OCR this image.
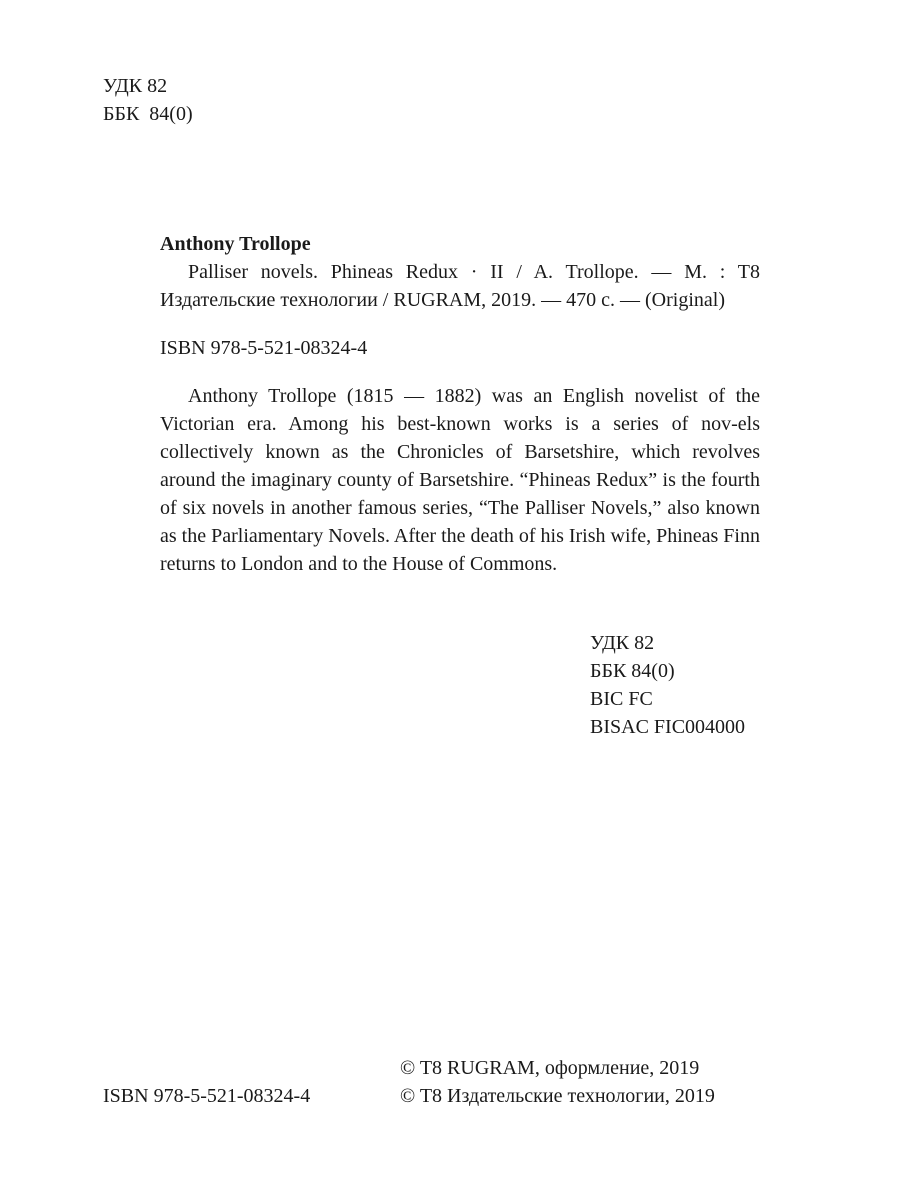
УДК 82
ББК  84(0)

Anthony Trollope

Palliser novels. Phineas Redux · II / A. Trollope. — M. : T8 Издательские технологии / RUGRAM, 2019. — 470 с. — (Original)

ISBN 978-5-521-08324-4

Anthony Trollope (1815 — 1882) was an English novelist of the Victorian era. Among his best-known works is a series of nov-els collectively known as the Chronicles of Barsetshire, which revolves around the imaginary county of Barsetshire. “Phineas Redux” is the fourth of six novels in another famous series, “The Palliser Novels,” also known as the Parliamentary Novels. After the death of his Irish wife, Phineas Finn returns to London and to the House of Commons.

УДК 82
ББК 84(0)
BIC FC
BISAC FIC004000
ISBN 978-5-521-08324-4
© T8 RUGRAM, оформление, 2019
© T8 Издательские технологии, 2019
